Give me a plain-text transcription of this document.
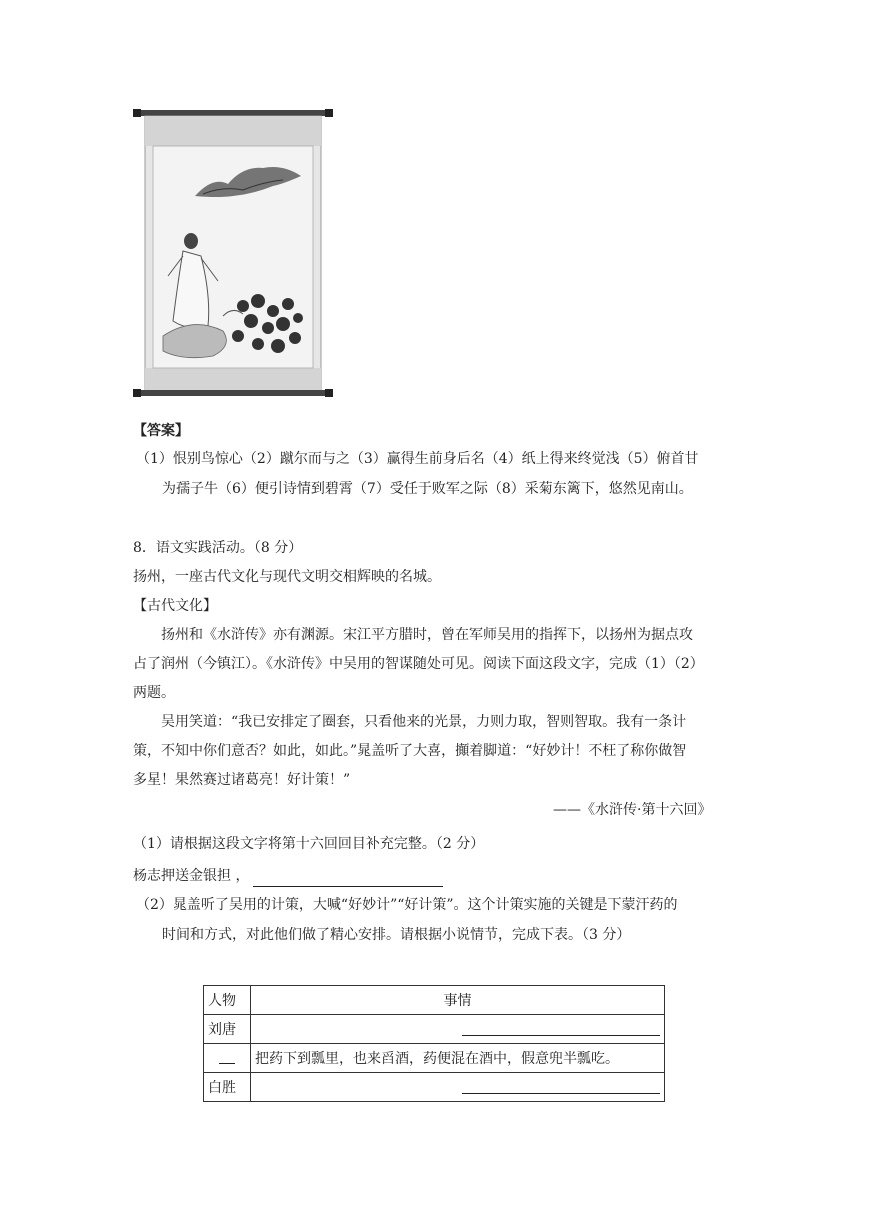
【答案】
（1）恨别鸟惊心（2）蹴尔而与之（3）赢得生前身后名（4）纸上得来终觉浅（5）俯首甘
为孺子牛（6）便引诗情到碧霄（7）受任于败军之际（8）采菊东篱下，悠然见南山。
8．语文实践活动。（8 分）
扬州，一座古代文化与现代文明交相辉映的名城。
【古代文化】
扬州和《水浒传》亦有渊源。宋江平方腊时，曾在军师吴用的指挥下，以扬州为据点攻
占了润州（今镇江）。《水浒传》中吴用的智谋随处可见。阅读下面这段文字，完成（1）（2）
两题。
吴用笑道：“我已安排定了圈套，只看他来的光景，力则力取，智则智取。我有一条计
策，不知中你们意否？如此，如此。”晁盖听了大喜，攧着脚道：“好妙计！不枉了称你做智
多星！果然赛过诸葛亮！好计策！”
——《水浒传·第十六回》
（1）请根据这段文字将第十六回回目补充完整。（2 分）
杨志押送金银担 ，
（2）晁盖听了吴用的计策，大喊“好妙计”“好计策”。这个计策实施的关键是下蒙汗药的
时间和方式，对此他们做了精心安排。请根据小说情节，完成下表。（3 分）
人物	事情
刘唐	
	把药下到瓢里，也来舀酒，药便混在酒中，假意兜半瓢吃。
白胜	
